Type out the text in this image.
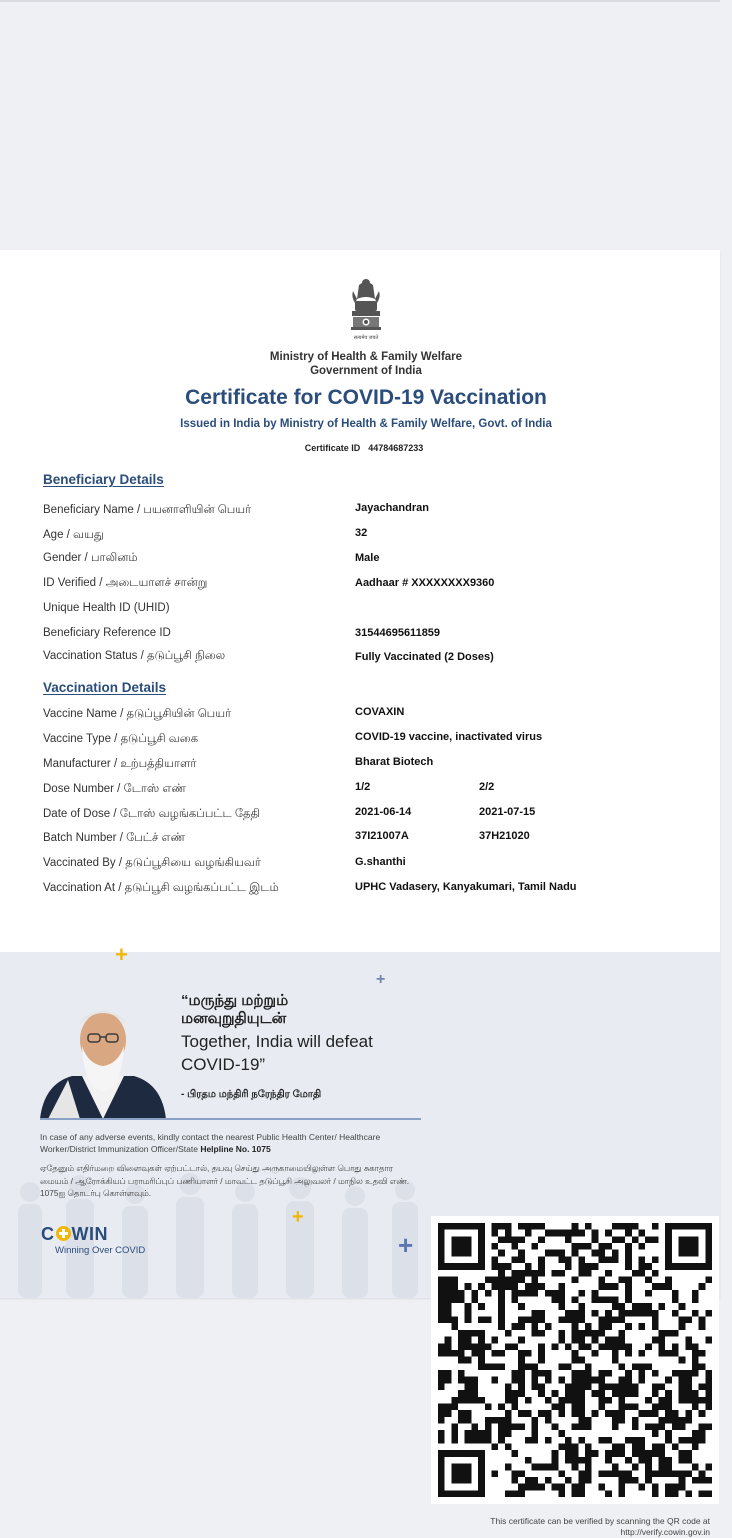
सत्यमेव जयते
Ministry of Health & Family Welfare
Government of India
Certificate for COVID-19 Vaccination
Issued in India by Ministry of Health & Family Welfare, Govt. of India
Certificate ID 44784687233
Beneficiary Details
Beneficiary Name / பயனாளியின் பெயர்	Jayachandran
Age / வயது	32
Gender / பாலினம்	Male
ID Verified / அடையாளச் சான்று	Aadhaar # XXXXXXXX9360
Unique Health ID (UHID)
Beneficiary Reference ID	31544695611859
Vaccination Status / தடுப்பூசி நிலை	Fully Vaccinated (2 Doses)
Vaccination Details
Vaccine Name / தடுப்பூசியின் பெயர்	COVAXIN
Vaccine Type / தடுப்பூசி வகை	COVID-19 vaccine, inactivated virus
Manufacturer / உற்பத்தியாளர்	Bharat Biotech
Dose Number / டோஸ் எண்	1/2	2/2
Date of Dose / டோஸ் வழங்கப்பட்ட தேதி	2021-06-14	2021-07-15
Batch Number / பேட்ச் எண்	37I21007A	37H21020
Vaccinated By / தடுப்பூசியை வழங்கியவர்	G.shanthi
Vaccination At / தடுப்பூசி வழங்கப்பட்ட இடம்	UPHC Vadasery, Kanyakumari, Tamil Nadu
+
+
+
+
“மருந்து மற்றும்
மனவுறுதியுடன்
Together, India will defeat
COVID-19”
- பிரதம மந்திரி நரேந்திர மோதி
In case of any adverse events, kindly contact the nearest Public Health Center/ Healthcare Worker/District Immunization Officer/State Helpline No. 1075
ஏதேனும் எதிர்மறை விளைவுகள் ஏற்பட்டால், தயவு செய்து அருகாமையிலுள்ள பொது சுகாதார மையம் / ஆரோக்கியப் பராமரிப்புப் பணியாளர் / மாவட்ட தடுப்பூசி அலுவலர் / மாநில உதவி எண். 1075ஐ தொடர்பு கொள்ளவும்.
C WIN
Winning Over COVID
This certificate can be verified by scanning the QR code at
http://verify.cowin.gov.in
